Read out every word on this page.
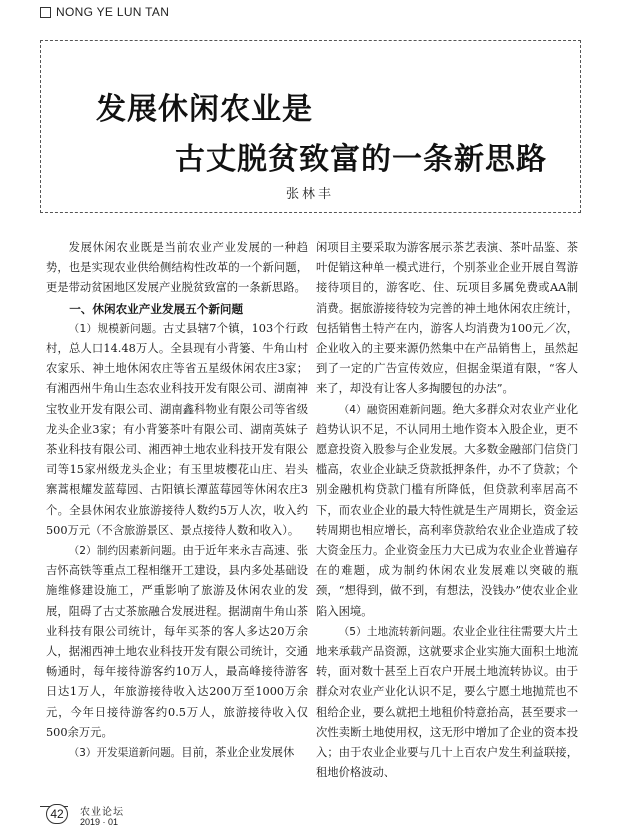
NONG YE LUN TAN
发展休闲农业是
古丈脱贫致富的一条新思路
张林丰

发展休闲农业既是当前农业产业发展的一种趋势，也是实现农业供给侧结构性改革的一个新问题，更是带动贫困地区发展产业脱贫致富的一条新思路。

一、休闲农业产业发展五个新问题

（1）规模新问题。古丈县辖7个镇，103个行政村，总人口14.48万人。全县现有小背篓、牛角山村农家乐、神土地休闲农庄等省五星级休闲农庄3家；有湘西州牛角山生态农业科技开发有限公司、湖南神宝牧业开发有限公司、湖南鑫科物业有限公司等省级龙头企业3家；有小背篓茶叶有限公司、湖南英妹子茶业科技有限公司、湘西神土地农业科技开发有限公司等15家州级龙头企业；有玉里坡樱花山庄、岩头寨蒿根耀发蓝莓园、古阳镇长潭蓝莓园等休闲农庄3个。全县休闲农业旅游接待人数约5万人次，收入约500万元（不含旅游景区、景点接待人数和收入）。

（2）制约因素新问题。由于近年来永吉高速、张吉怀高铁等重点工程相继开工建设，县内多处基础设施维修建设施工，严重影响了旅游及休闲农业的发展，阻碍了古丈茶旅融合发展进程。据湖南牛角山茶业科技有限公司统计，每年买茶的客人多达20万余人，据湘西神土地农业科技开发有限公司统计，交通畅通时，每年接待游客约10万人，最高峰接待游客日达1万人，年旅游接待收入达200万至1000万余元，今年日接待游客约0.5万人，旅游接待收入仅500余万元。

（3）开发渠道新问题。目前，茶业企业发展休

闲项目主要采取为游客展示茶艺表演、茶叶品鉴、茶叶促销这种单一模式进行，个别茶业企业开展自驾游接待项目的，游客吃、住、玩项目多属免费或AA制消费。据旅游接待较为完善的神土地休闲农庄统计，包括销售土特产在内，游客人均消费为100元／次，企业收入的主要来源仍然集中在产品销售上，虽然起到了一定的广告宣传效应，但据金渠道有限，“客人来了，却没有让客人多掏腰包的办法”。

（4）融资困难新问题。绝大多群众对农业产业化趋势认识不足，不认同用土地作资本入股企业，更不愿意投资入股参与企业发展。大多数金融部门信贷门槛高，农业企业缺乏贷款抵押条件，办不了贷款；个别金融机构贷款门槛有所降低，但贷款利率居高不下，而农业企业的最大特性就是生产周期长，资金运转周期也相应增长，高利率贷款给农业企业造成了较大资金压力。企业资金压力大已成为农业企业普遍存在的难题，成为制约休闲农业发展难以突破的瓶颈，“想得到，做不到，有想法，没钱办”使农业企业陷入困境。

（5）土地流转新问题。农业企业往往需要大片土地来承载产品资源，这就要求企业实施大面积土地流转，面对数十甚至上百农户开展土地流转协议。由于群众对农业产业化认识不足，要么宁愿土地抛荒也不租给企业，要么就把土地租价特意抬高，甚至要求一次性卖断土地使用权，这无形中增加了企业的资本投入；由于农业企业要与几十上百农户发生利益联接，租地价格波动、

42	农业论坛
2019 · 01
